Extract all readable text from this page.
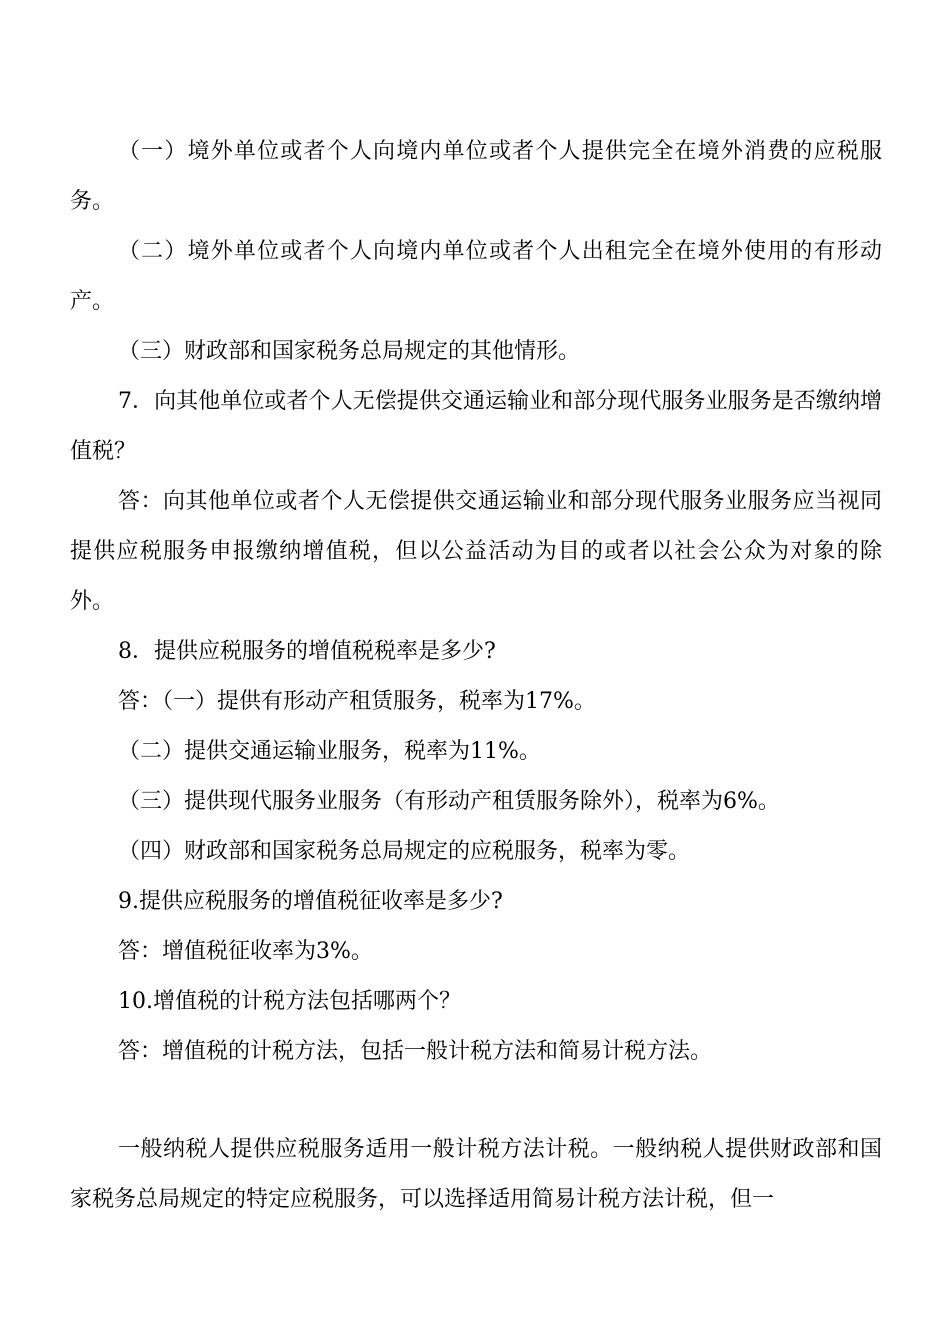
（一）境外单位或者个人向境内单位或者个人提供完全在境外消费的应税服务。

（二）境外单位或者个人向境内单位或者个人出租完全在境外使用的有形动产。

（三）财政部和国家税务总局规定的其他情形。

7．向其他单位或者个人无偿提供交通运输业和部分现代服务业服务是否缴纳增值税？

答：向其他单位或者个人无偿提供交通运输业和部分现代服务业服务应当视同提供应税服务申报缴纳增值税，但以公益活动为目的或者以社会公众为对象的除外。

8．提供应税服务的增值税税率是多少?

答：（一）提供有形动产租赁服务，税率为17%。

（二）提供交通运输业服务，税率为11%。

（三）提供现代服务业服务（有形动产租赁服务除外），税率为6%。

（四）财政部和国家税务总局规定的应税服务，税率为零。

9.提供应税服务的增值税征收率是多少?

答：增值税征收率为3%。

10.增值税的计税方法包括哪两个？

答：增值税的计税方法，包括一般计税方法和简易计税方法。

一般纳税人提供应税服务适用一般计税方法计税。一般纳税人提供财政部和国家税务总局规定的特定应税服务，可以选择适用简易计税方法计税，但一
